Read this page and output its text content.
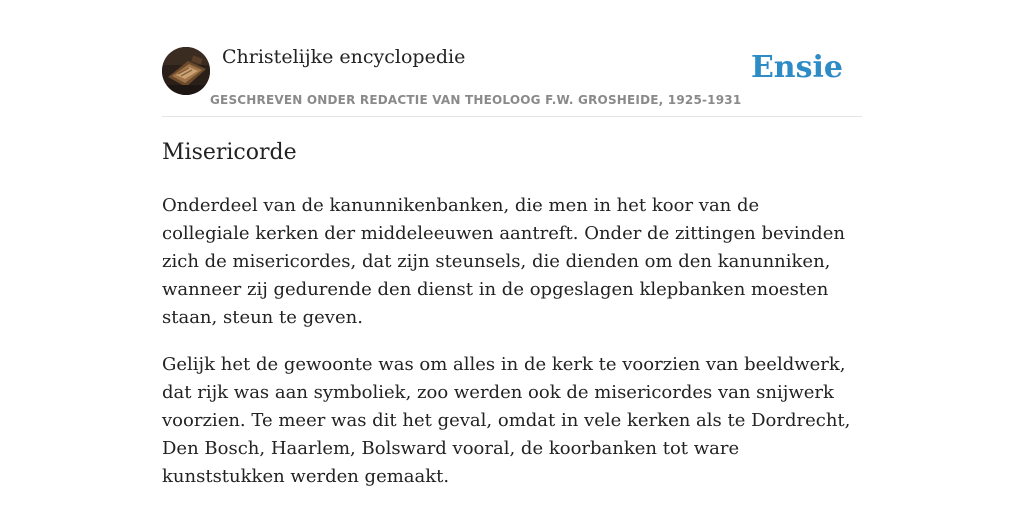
Christelijke encyclopedie
GESCHREVEN ONDER REDACTIE VAN THEOLOOG F.W. GROSHEIDE, 1925-1931
Ensie
Misericorde

Onderdeel van de kanunnikenbanken, die men in het koor van de collegiale kerken der middeleeuwen aantreft. Onder de zittingen bevinden zich de misericordes, dat zijn steunsels, die dienden om den kanunniken, wanneer zij gedurende den dienst in de opgeslagen klepbanken moesten staan, steun te geven.

Gelijk het de gewoonte was om alles in de kerk te voorzien van beeldwerk, dat rijk was aan symboliek, zoo werden ook de misericordes van snijwerk voorzien. Te meer was dit het geval, omdat in vele kerken als te Dordrecht, Den Bosch, Haarlem, Bolsward vooral, de koorbanken tot ware kunststukken werden gemaakt.
